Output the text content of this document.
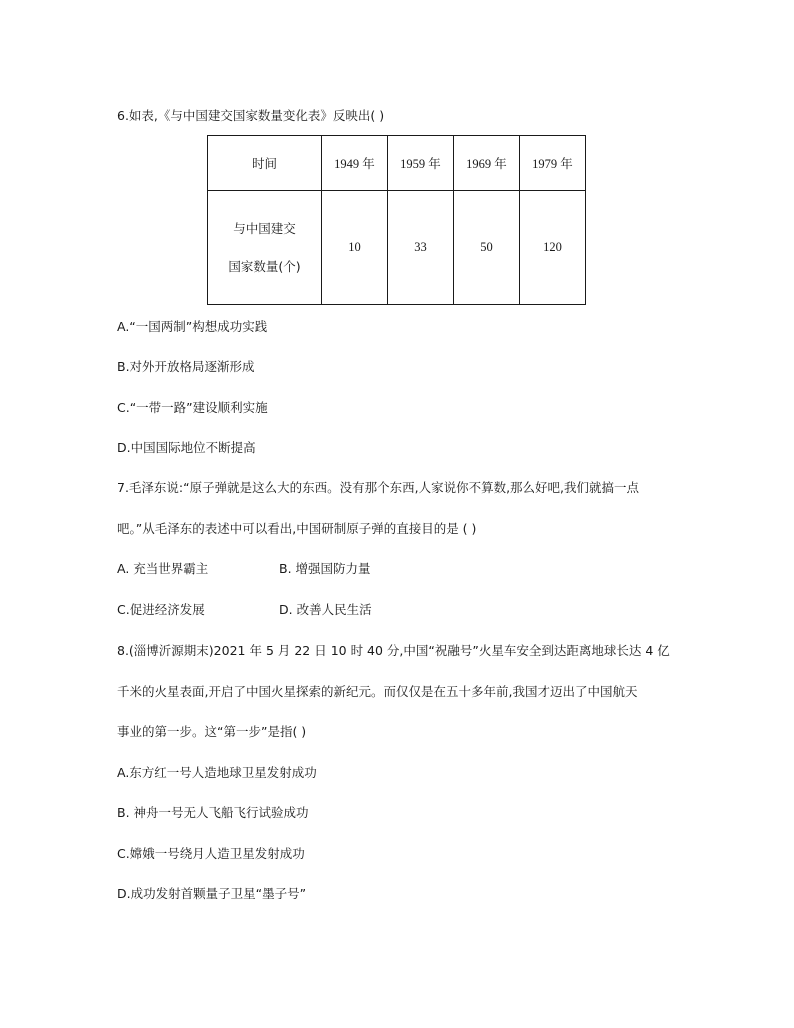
6.如表,《与中国建交国家数量变化表》反映出( )
时间	1949 年	1959 年	1969 年	1979 年

与中国建交
国家数量(个)	10	33	50	120
A.“一国两制”构想成功实践
B.对外开放格局逐渐形成
C.“一带一路”建设顺利实施
D.中国国际地位不断提高
7.毛泽东说:“原子弹就是这么大的东西。没有那个东西,人家说你不算数,那么好吧,我们就搞一点
吧。”从毛泽东的表述中可以看出,中国研制原子弹的直接目的是 ( )
A. 充当世界霸主	B. 增强国防力量
C.促进经济发展	D. 改善人民生活
8.(淄博沂源期末)2021 年 5 月 22 日 10 时 40 分,中国“祝融号”火星车安全到达距离地球长达 4 亿
千米的火星表面,开启了中国火星探索的新纪元。而仅仅是在五十多年前,我国才迈出了中国航天
事业的第一步。这“第一步”是指( )
A.东方红一号人造地球卫星发射成功
B. 神舟一号无人飞船飞行试验成功
C.嫦娥一号绕月人造卫星发射成功
D.成功发射首颗量子卫星“墨子号”
